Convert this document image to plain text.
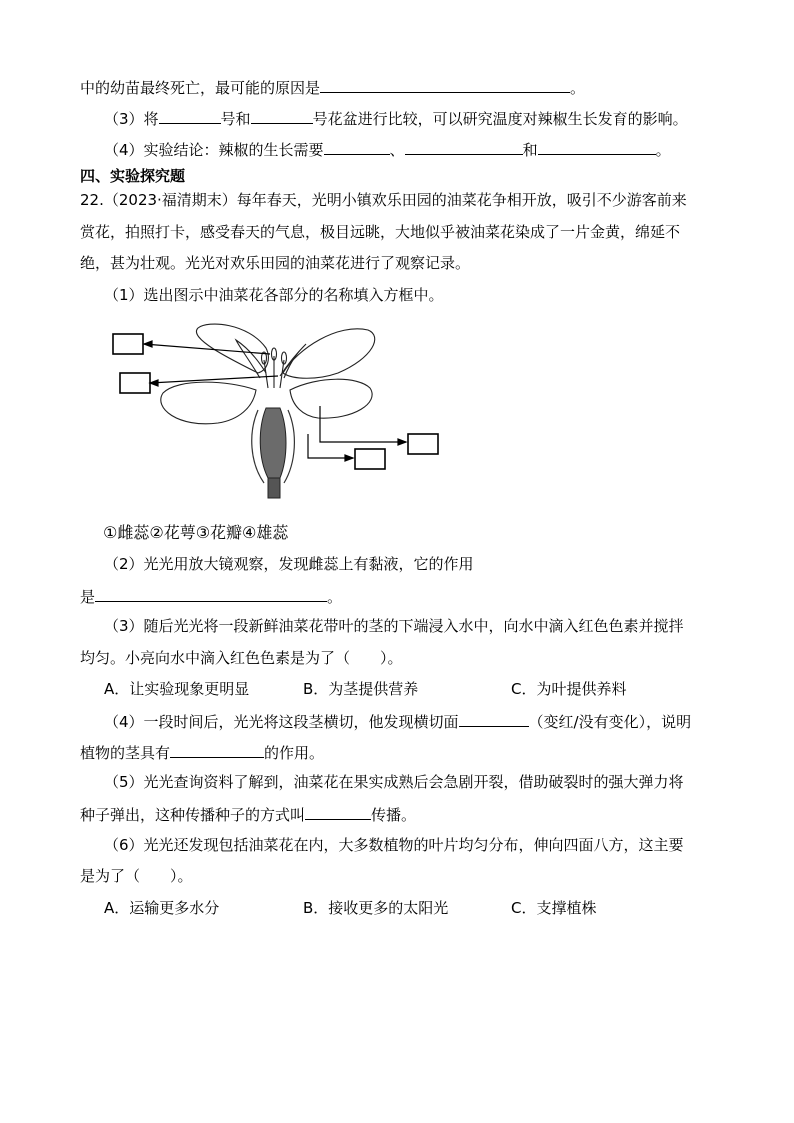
中的幼苗最终死亡，最可能的原因是	。
（3）将	号和	号花盆进行比较，可以研究温度对辣椒生长发育的影响。
（4）实验结论：辣椒的生长需要	、	和	。
四、实验探究题
22.（2023·福清期末）每年春天，光明小镇欢乐田园的油菜花争相开放，吸引不少游客前来
赏花，拍照打卡，感受春天的气息，极目远眺，大地似乎被油菜花染成了一片金黄，绵延不
绝，甚为壮观。光光对欢乐田园的油菜花进行了观察记录。
（1）选出图示中油菜花各部分的名称填入方框中。
①雌蕊②花萼③花瓣④雄蕊
（2）光光用放大镜观察，发现雌蕊上有黏液，它的作用
是	。
（3）随后光光将一段新鲜油菜花带叶的茎的下端浸入水中，向水中滴入红色色素并搅拌
均匀。小亮向水中滴入红色色素是为了（　　）。
A．让实验现象更明显	B．为茎提供营养	C．为叶提供养料
（4）一段时间后，光光将这段茎横切，他发现横切面	（变红/没有变化），说明
植物的茎具有	的作用。
（5）光光查询资料了解到，油菜花在果实成熟后会急剧开裂，借助破裂时的强大弹力将
种子弹出，这种传播种子的方式叫	传播。
（6）光光还发现包括油菜花在内，大多数植物的叶片均匀分布，伸向四面八方，这主要
是为了（　　）。
A．运输更多水分	B．接收更多的太阳光	C．支撑植株
